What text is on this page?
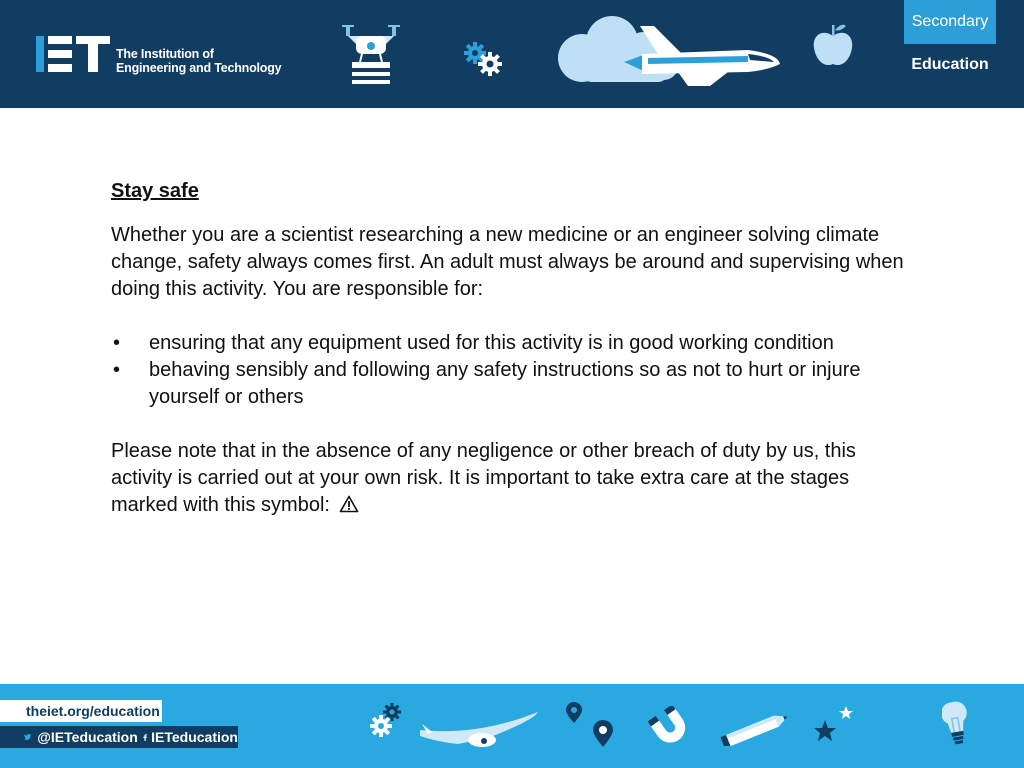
The Institution of
Engineering and Technology
Secondary
Education
Stay safe
Whether you are a scientist researching a new medicine or an engineer solving climate change, safety always comes first. An adult must always be around and supervising when doing this activity. You are responsible for:
• ensuring that any equipment used for this activity is in good working condition
• behaving sensibly and following any safety instructions so as not to hurt or injure yourself or others
Please note that in the absence of any negligence or other breach of duty by us, this activity is carried out at your own risk. It is important to take extra care at the stages marked with this symbol:
theiet.org/education
@IETeducation IETeducation
